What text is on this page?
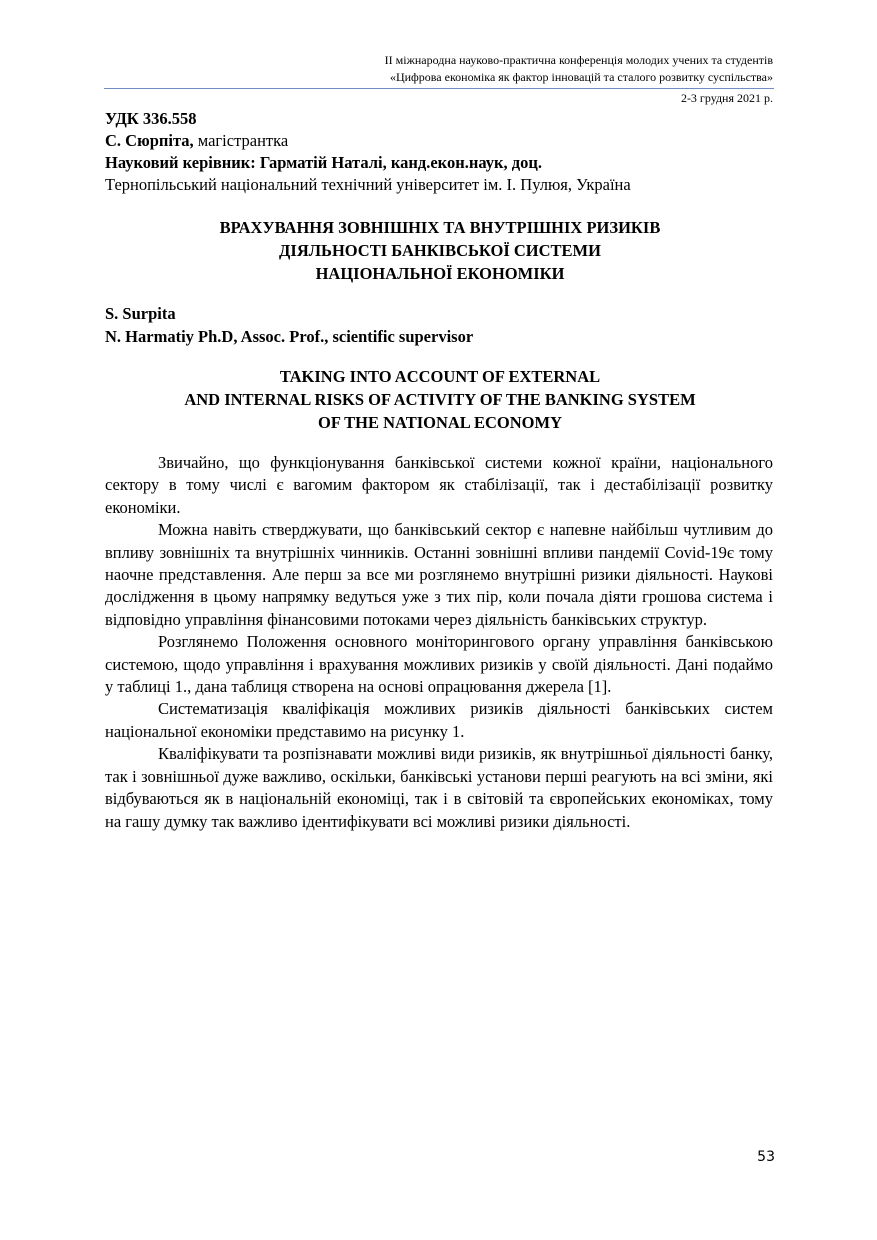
ІІ міжнародна науково-практична конференція молодих учених та студентів
«Цифрова економіка як фактор інновацій та сталого розвитку суспільства»
2-3 грудня 2021 р.
УДК 336.558
С. Сюрпіта, магістрантка
Науковий керівник: Гарматій Наталі, канд.екон.наук, доц.
Тернопільський національний технічний університет ім. І. Пулюя, Україна
ВРАХУВАННЯ ЗОВНІШНІХ ТА ВНУТРІШНІХ РИЗИКІВ
ДІЯЛЬНОСТІ БАНКІВСЬКОЇ СИСТЕМИ
НАЦІОНАЛЬНОЇ ЕКОНОМІКИ
S. Surpita
N. Harmatiy Ph.D, Assoc. Prof., scientific supervisor
TAKING INTO ACCOUNT OF EXTERNAL
AND INTERNAL RISKS OF ACTIVITY OF THE BANKING SYSTEM
OF THE NATIONAL ECONOMY

Звичайно, що функціонування банківської системи кожної країни, національного сектору в тому числі є вагомим фактором як стабілізації, так і дестабілізації розвитку економіки.

Можна навіть стверджувати, що банківський сектор є напевне найбільш чутливим до впливу зовнішніх та внутрішніх чинників. Останні зовнішні впливи пандемії Covid-19є тому наочне представлення. Але перш за все ми розглянемо внутрішні ризики діяльності. Наукові дослідження в цьому напрямку ведуться уже з тих пір, коли почала діяти грошова система і відповідно управління фінансовими потоками через діяльність банківських структур.

Розглянемо Положення основного моніторингового органу управління банківською системою, щодо управління і врахування можливих ризиків у своїй діяльності. Дані подаймо у таблиці 1., дана таблиця створена на основі опрацювання джерела [1].

Систематизація кваліфікація можливих ризиків діяльності банківських систем національної економіки представимо на рисунку 1.

Кваліфікувати та розпізнавати можливі види ризиків, як внутрішньої діяльності банку, так і зовнішньої дуже важливо, оскільки, банківські установи перші реагують на всі зміни, які відбуваються як в національній економіці, так і в світовій та європейських економіках, тому на гашу думку так важливо ідентифікувати всі можливі ризики діяльності.

53
